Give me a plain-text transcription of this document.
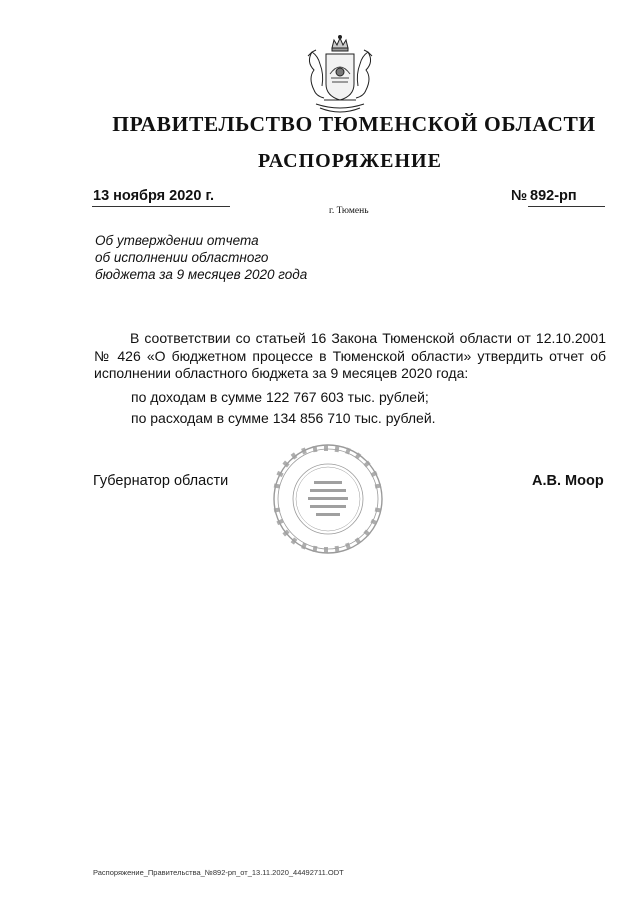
ПРАВИТЕЛЬСТВО ТЮМЕНСКОЙ ОБЛАСТИ
РАСПОРЯЖЕНИЕ
13 ноября 2020 г.
г. Тюмень
№ 892-рп
Об утверждении отчета
об исполнении областного
бюджета за 9 месяцев 2020 года
В соответствии со статьей 16 Закона Тюменской области от 12.10.2001 № 426 «О бюджетном процессе в Тюменской области» утвердить отчет об исполнении областного бюджета за 9 месяцев 2020 года:
по доходам в сумме 122 767 603 тыс. рублей;
по расходам в сумме 134 856 710 тыс. рублей.
Губернатор области	А.В. Моор
Распоряжение_Правительства_№892-рп_от_13.11.2020_44492711.ODT
